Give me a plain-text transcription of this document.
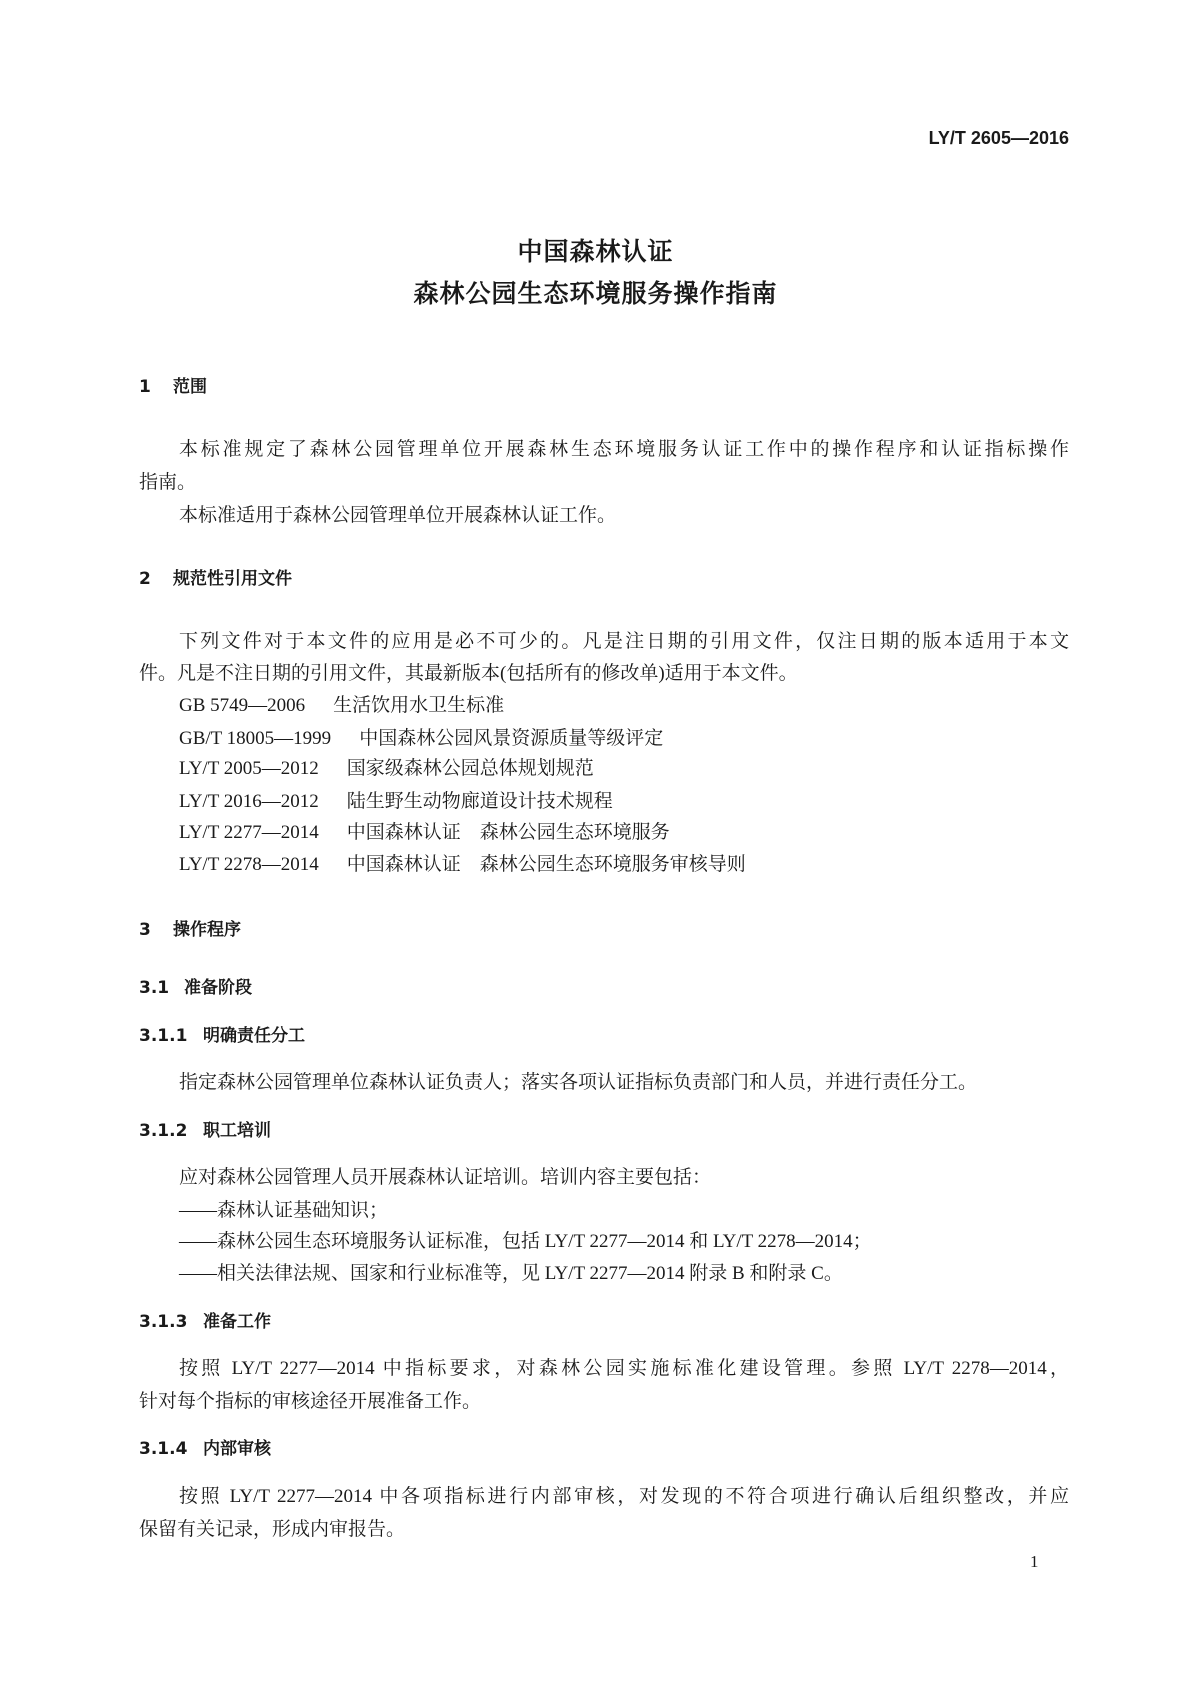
LY/T 2605—2016
中国森林认证
森林公园生态环境服务操作指南
1 范围
本标准规定了森林公园管理单位开展森林生态环境服务认证工作中的操作程序和认证指标操作
指南。
本标准适用于森林公园管理单位开展森林认证工作。
2 规范性引用文件
下列文件对于本文件的应用是必不可少的。凡是注日期的引用文件，仅注日期的版本适用于本文
件。凡是不注日期的引用文件，其最新版本(包括所有的修改单)适用于本文件。
GB 5749—2006 生活饮用水卫生标准
GB/T 18005—1999 中国森林公园风景资源质量等级评定
LY/T 2005—2012 国家级森林公园总体规划规范
LY/T 2016—2012 陆生野生动物廊道设计技术规程
LY/T 2277—2014 中国森林认证　森林公园生态环境服务
LY/T 2278—2014 中国森林认证　森林公园生态环境服务审核导则
3 操作程序
3.1 准备阶段
3.1.1 明确责任分工
指定森林公园管理单位森林认证负责人；落实各项认证指标负责部门和人员，并进行责任分工。
3.1.2 职工培训
应对森林公园管理人员开展森林认证培训。培训内容主要包括：
——森林认证基础知识；
——森林公园生态环境服务认证标准，包括 LY/T 2277—2014 和 LY/T 2278—2014；
——相关法律法规、国家和行业标准等，见 LY/T 2277—2014 附录 B 和附录 C。
3.1.3 准备工作
按照 LY/T 2277—2014 中指标要求，对森林公园实施标准化建设管理。参照 LY/T 2278—2014，
针对每个指标的审核途径开展准备工作。
3.1.4 内部审核
按照 LY/T 2277—2014 中各项指标进行内部审核，对发现的不符合项进行确认后组织整改，并应
保留有关记录，形成内审报告。
1
